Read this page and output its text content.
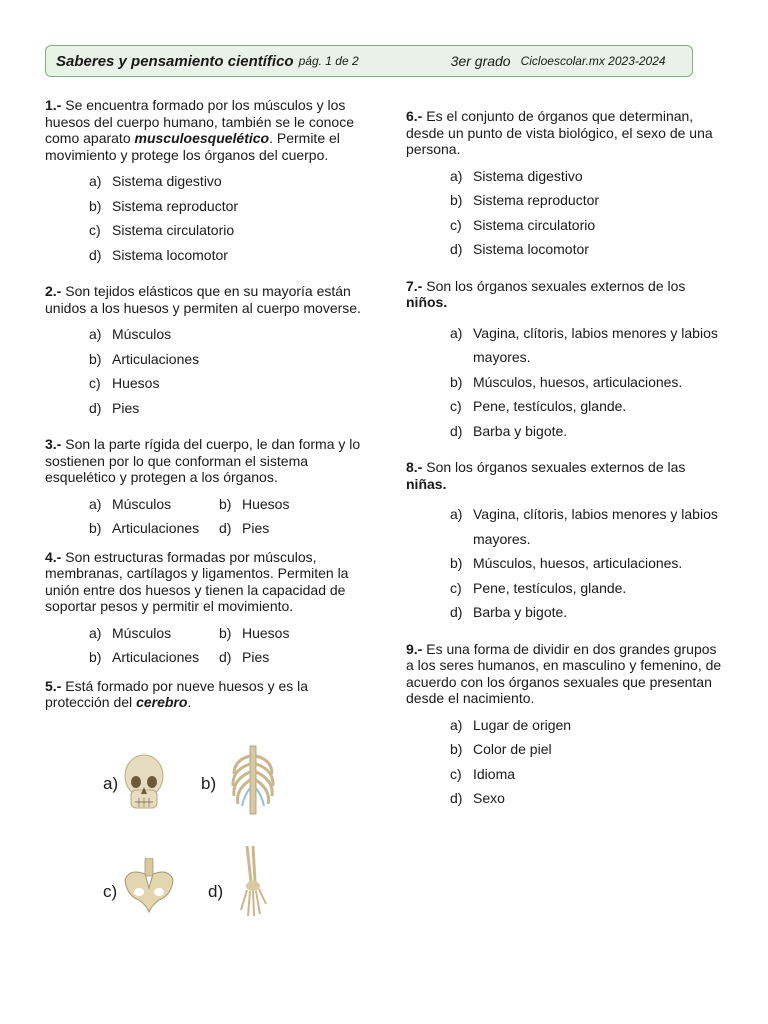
Saberes y pensamiento científico pág. 1 de 2	3er grado Cicloescolar.mx 2023-2024
1.- Se encuentra formado por los músculos y los huesos del cuerpo humano, también se le conoce como aparato musculoesquelético. Permite el movimiento y protege los órganos del cuerpo.
a) Sistema digestivo
b) Sistema reproductor
c) Sistema circulatorio
d) Sistema locomotor
2.- Son tejidos elásticos que en su mayoría están unidos a los huesos y permiten al cuerpo moverse.
a) Músculos
b) Articulaciones
c) Huesos
d) Pies
3.- Son la parte rígida del cuerpo, le dan forma y lo sostienen por lo que conforman el sistema esquelético y protegen a los órganos.
a) Músculos	b) Huesos
b) Articulaciones d) Pies
4.- Son estructuras formadas por músculos, membranas, cartílagos y ligamentos. Permiten la unión entre dos huesos y tienen la capacidad de soportar pesos y permitir el movimiento.
a) Músculos	b) Huesos
b) Articulaciones d) Pies
5.- Está formado por nueve huesos y es la protección del cerebro.
a)	b)
c)	d)
6.- Es el conjunto de órganos que determinan, desde un punto de vista biológico, el sexo de una persona.
a) Sistema digestivo
b) Sistema reproductor
c) Sistema circulatorio
d) Sistema locomotor
7.- Son los órganos sexuales externos de los niños.
a) Vagina, clítoris, labios menores y labios mayores.
b) Músculos, huesos, articulaciones.
c) Pene, testículos, glande.
d) Barba y bigote.
8.- Son los órganos sexuales externos de las niñas.
a) Vagina, clítoris, labios menores y labios mayores.
b) Músculos, huesos, articulaciones.
c) Pene, testículos, glande.
d) Barba y bigote.
9.- Es una forma de dividir en dos grandes grupos a los seres humanos, en masculino y femenino, de acuerdo con los órganos sexuales que presentan desde el nacimiento.
a) Lugar de origen
b) Color de piel
c) Idioma
d) Sexo
